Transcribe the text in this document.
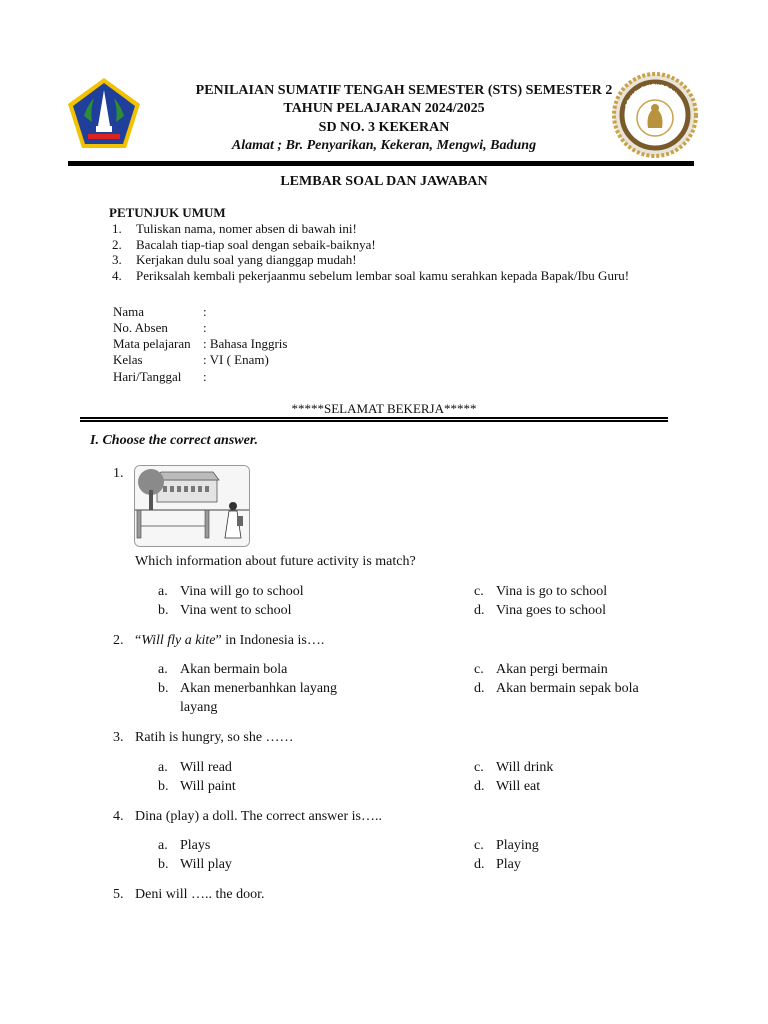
PENILAIAN SUMATIF TENGAH SEMESTER (STS) SEMESTER 2
TAHUN PELAJARAN 2024/2025
SD NO. 3 KEKERAN
Alamat ; Br. Penyarikan, Kekeran, Mengwi, Badung
SD NO. 3 KEKERAN
LEMBAR SOAL DAN JAWABAN
PETUNJUK UMUM
1. Tuliskan nama, nomer absen di bawah ini!
2. Bacalah tiap-tiap soal dengan sebaik-baiknya!
3. Kerjakan dulu soal yang dianggap mudah!
4. Periksalah kembali pekerjaanmu sebelum lembar soal kamu serahkan kepada Bapak/Ibu Guru!
Nama	:
No. Absen	:
Mata pelajaran : Bahasa Inggris
Kelas	: VI ( Enam)
Hari/Tanggal :
*****SELAMAT BEKERJA*****
I. Choose the correct answer.
1.
Which information about future activity is match?
a. Vina will go to school
b. Vina went to school
c. Vina is go to school
d. Vina goes to school
2. “Will fly a kite” in Indonesia is….
a. Akan bermain bola
b. Akan menerbanhkan layang layang
c. Akan pergi bermain
d. Akan bermain sepak bola
3. Ratih is hungry, so she ……
a. Will read
b. Will paint
c. Will drink
d. Will eat
4. Dina (play) a doll. The correct answer is…..
a. Plays
b. Will play
c. Playing
d. Play
5. Deni will ….. the door.
